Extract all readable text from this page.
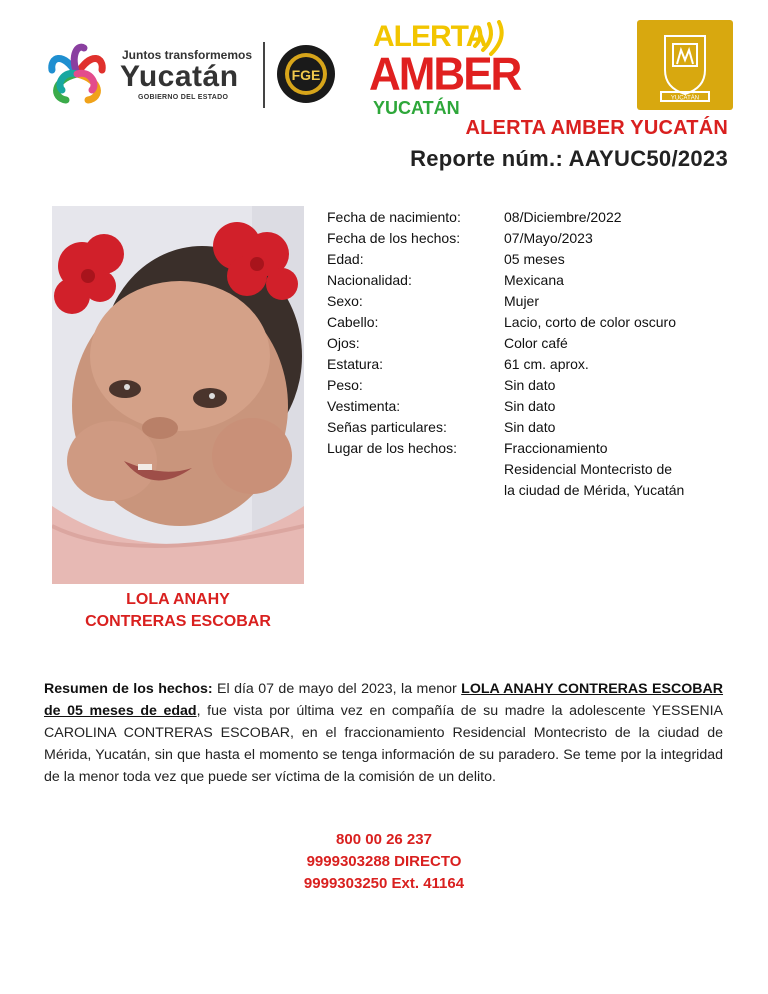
Juntos transformemos
Yucatán
GOBIERNO DEL ESTADO
FGE
ALERTA
AMBER
YUCATÁN	YUCATÁN
ALERTA AMBER YUCATÁN
Reporte núm.: AAYUC50/2023
LOLA ANAHY
CONTRERAS ESCOBAR
Fecha de nacimiento:	08/Diciembre/2022
Fecha de los hechos:	07/Mayo/2023
Edad:	05 meses
Nacionalidad:	Mexicana
Sexo:	Mujer
Cabello:	Lacio, corto de color oscuro
Ojos:	Color café
Estatura:	61 cm. aprox.
Peso:	Sin dato
Vestimenta:	Sin dato
Señas particulares:	Sin dato
Lugar de los hechos:	Fraccionamiento
Residencial Montecristo de
la ciudad de Mérida, Yucatán
Resumen de los hechos: El día 07 de mayo del 2023, la menor LOLA ANAHY CONTRERAS ESCOBAR de 05 meses de edad, fue vista por última vez en compañía de su madre la adolescente YESSENIA CAROLINA CONTRERAS ESCOBAR, en el fraccionamiento Residencial Montecristo de la ciudad de Mérida, Yucatán, sin que hasta el momento se tenga información de su paradero. Se teme por la integridad de la menor toda vez que puede ser víctima de la comisión de un delito.
800 00 26 237
9999303288 DIRECTO
9999303250 Ext. 41164
